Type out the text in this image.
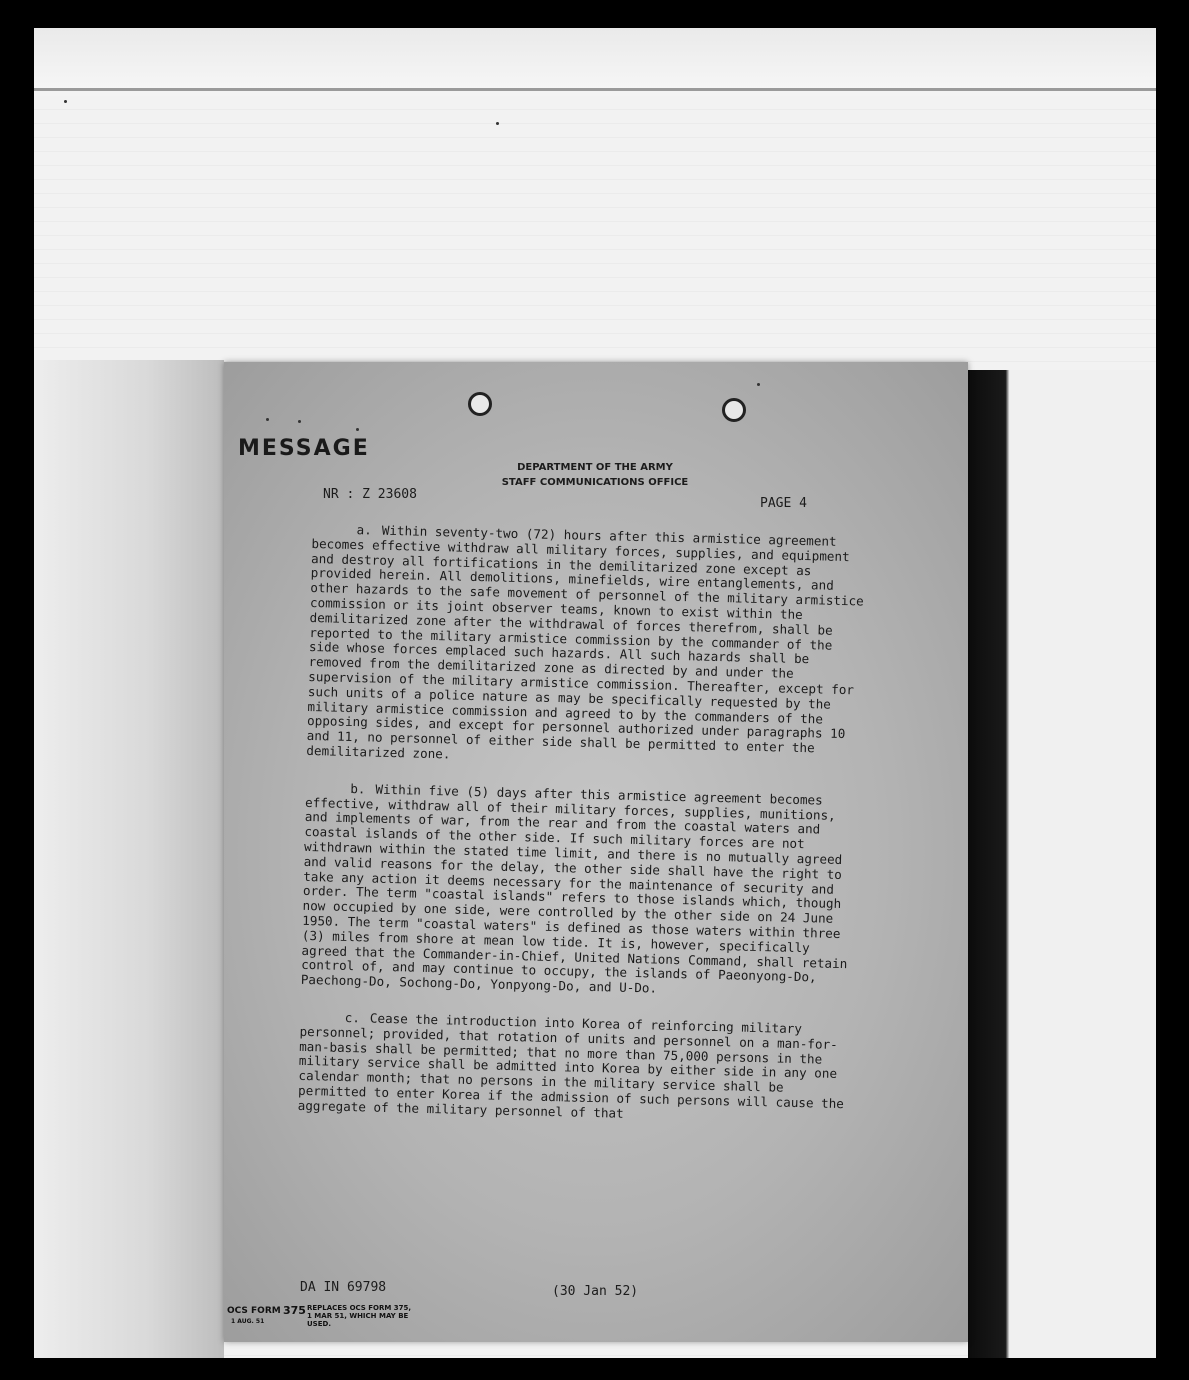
MESSAGE
DEPARTMENT OF THE ARMY
STAFF COMMUNICATIONS OFFICE
NR : Z 23608
PAGE 4

a. Within seventy-two (72) hours after this armistice agreement becomes effective withdraw all military forces, supplies, and equipment and destroy all fortifications in the demilitarized zone except as provided herein. All demolitions, minefields, wire entanglements, and other hazards to the safe movement of personnel of the military armistice commission or its joint observer teams, known to exist within the demilitarized zone after the withdrawal of forces therefrom, shall be reported to the military armistice commission by the commander of the side whose forces emplaced such hazards. All such hazards shall be removed from the demilitarized zone as directed by and under the supervision of the military armistice commission. Thereafter, except for such units of a police nature as may be specifically requested by the military armistice commission and agreed to by the commanders of the opposing sides, and except for personnel authorized under paragraphs 10 and 11, no personnel of either side shall be permitted to enter the demilitarized zone.

b. Within five (5) days after this armistice agreement becomes effective, withdraw all of their military forces, supplies, munitions, and implements of war, from the rear and from the coastal waters and coastal islands of the other side. If such military forces are not withdrawn within the stated time limit, and there is no mutually agreed and valid reasons for the delay, the other side shall have the right to take any action it deems necessary for the maintenance of security and order. The term "coastal islands" refers to those islands which, though now occupied by one side, were controlled by the other side on 24 June 1950. The term "coastal waters" is defined as those waters within three (3) miles from shore at mean low tide. It is, however, specifically agreed that the Commander-in-Chief, United Nations Command, shall retain control of, and may continue to occupy, the islands of Paeonyong-Do, Paechong-Do, Sochong-Do, Yonpyong-Do, and U-Do.

c. Cease the introduction into Korea of reinforcing military personnel; provided, that rotation of units and personnel on a man-for-man-basis shall be permitted; that no more than 75,000 persons in the military service shall be admitted into Korea by either side in any one calendar month; that no persons in the military service shall be permitted to enter Korea if the admission of such persons will cause the aggregate of the military personnel of that

DA IN 69798	(30 Jan 52)
OCS FORM 375
1 AUG. 51
REPLACES OCS FORM 375, 1 MAR 51, WHICH MAY BE USED.
